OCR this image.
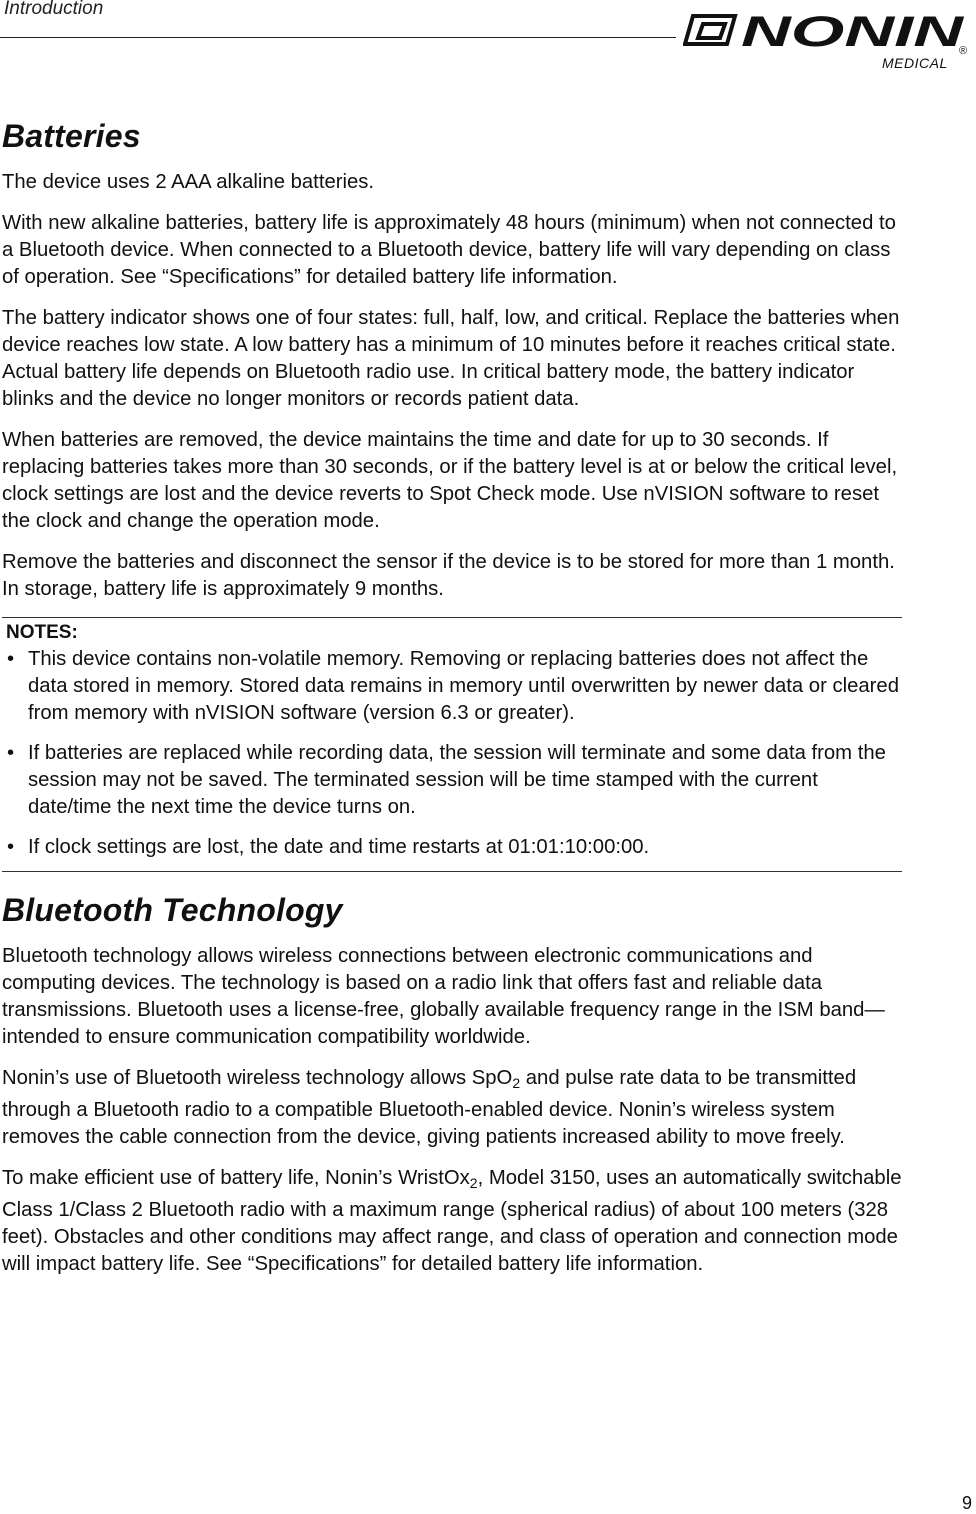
Introduction	NONIN
®
MEDICAL
Batteries

The device uses 2 AAA alkaline batteries.

With new alkaline batteries, battery life is approximately 48 hours (minimum) when not connected to a Bluetooth device. When connected to a Bluetooth device, battery life will vary depending on class of operation. See “Specifications” for detailed battery life information.

The battery indicator shows one of four states: full, half, low, and critical. Replace the batteries when device reaches low state. A low battery has a minimum of 10 minutes before it reaches critical state. Actual battery life depends on Bluetooth radio use. In critical battery mode, the battery indicator blinks and the device no longer monitors or records patient data.

When batteries are removed, the device maintains the time and date for up to 30 seconds. If replacing batteries takes more than 30 seconds, or if the battery level is at or below the critical level, clock settings are lost and the device reverts to Spot Check mode. Use nVISION software to reset the clock and change the operation mode.

Remove the batteries and disconnect the sensor if the device is to be stored for more than 1 month. In storage, battery life is approximately 9 months.

NOTES:
• This device contains non-volatile memory. Removing or replacing batteries does not affect the data stored in memory. Stored data remains in memory until overwritten by newer data or cleared from memory with nVISION software (version 6.3 or greater).
• If batteries are replaced while recording data, the session will terminate and some data from the session may not be saved. The terminated session will be time stamped with the current date/time the next time the device turns on.
• If clock settings are lost, the date and time restarts at 01:01:10:00:00.
Bluetooth Technology

Bluetooth technology allows wireless connections between electronic communications and computing devices. The technology is based on a radio link that offers fast and reliable data transmissions. Bluetooth uses a license-free, globally available frequency range in the ISM band—intended to ensure communication compatibility worldwide.

Nonin’s use of Bluetooth wireless technology allows SpO$_2$ and pulse rate data to be transmitted through a Bluetooth radio to a compatible Bluetooth-enabled device. Nonin’s wireless system removes the cable connection from the device, giving patients increased ability to move freely.

To make efficient use of battery life, Nonin’s WristOx$_2$, Model 3150, uses an automatically switchable Class 1/Class 2 Bluetooth radio with a maximum range (spherical radius) of about 100 meters (328 feet). Obstacles and other conditions may affect range, and class of operation and connection mode will impact battery life. See “Specifications” for detailed battery life information.

9
